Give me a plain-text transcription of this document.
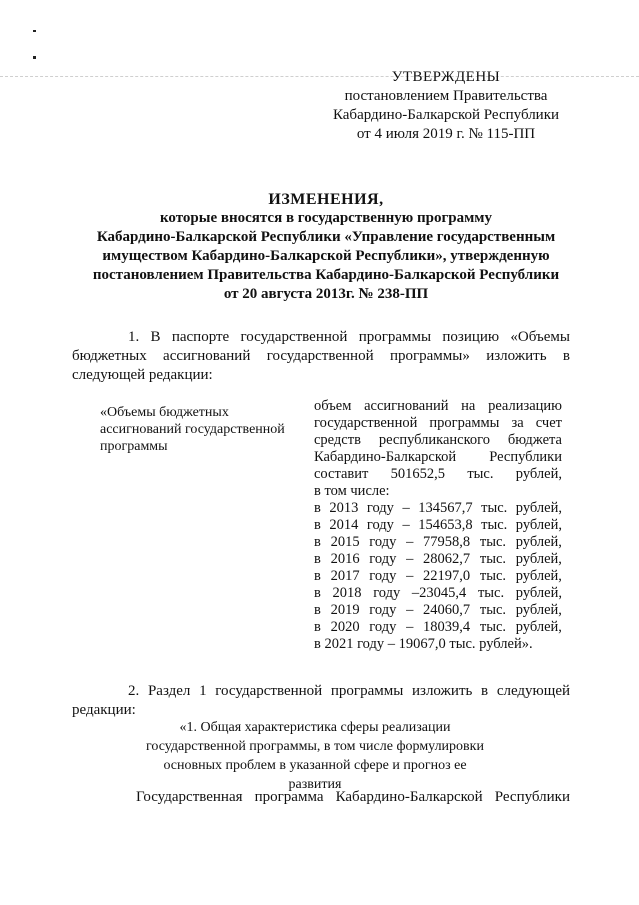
УТВЕРЖДЕНЫ
постановлением Правительства
Кабардино-Балкарской Республики
от 4 июля 2019 г. № 115-ПП
ИЗМЕНЕНИЯ,
которые вносятся в государственную программу
Кабардино-Балкарской Республики «Управление государственным
имуществом Кабардино-Балкарской Республики», утвержденную
постановлением Правительства Кабардино-Балкарской Республики
от 20 августа 2013г. № 238-ПП
1. В паспорте государственной программы позицию «Объемы бюджетных ассигнований государственной программы» изложить в следующей редакции:
«Объемы бюджетных
ассигнований государственной
программы
объем ассигнований на реализацию
государственной программы за счет
средств республиканского бюджета
Кабардино-Балкарской Республики
составит 501652,5 тыс. рублей,
в том числе:
в 2013 году – 134567,7 тыс. рублей,
в 2014 году – 154653,8 тыс. рублей,
в 2015 году – 77958,8 тыс. рублей,
в 2016 году – 28062,7 тыс. рублей,
в 2017 году – 22197,0 тыс. рублей,
в 2018 году –23045,4 тыс. рублей,
в 2019 году – 24060,7 тыс. рублей,
в 2020 году – 18039,4 тыс. рублей,
в 2021 году – 19067,0 тыс. рублей».
2. Раздел 1 государственной программы изложить в следующей редакции:
«1. Общая характеристика сферы реализации
государственной программы, в том числе формулировки
основных проблем в указанной сфере и прогноз ее развития
Государственная программа Кабардино-Балкарской Республики
